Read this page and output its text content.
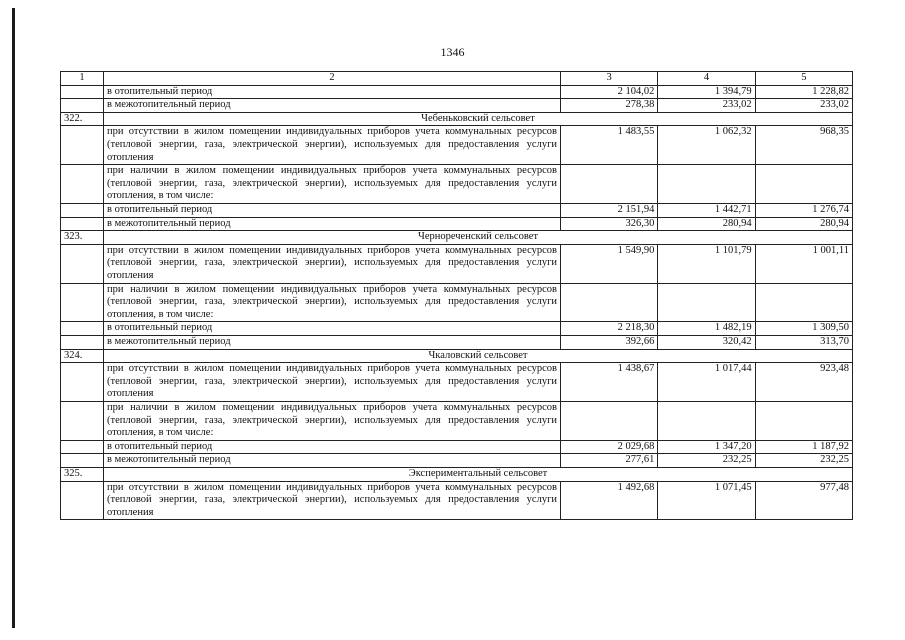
1346
1	2	3	4	5
	в отопительный период	2 104,02	1 394,79	1 228,82
	в межотопительный период	278,38	233,02	233,02
322.	Чебеньковский сельсовет			
	при отсутствии в жилом помещении индивидуальных приборов учета коммунальных ресурсов (тепловой энергии, газа, электрической энергии), используемых для предоставления услуги отопления	1 483,55	1 062,32	968,35
	при наличии в жилом помещении индивидуальных приборов учета коммунальных ресурсов (тепловой энергии, газа, электрической энергии), используемых для предоставления услуги отопления, в том числе:			
	в отопительный период	2 151,94	1 442,71	1 276,74
	в межотопительный период	326,30	280,94	280,94
323.	Чернореченский сельсовет			
	при отсутствии в жилом помещении индивидуальных приборов учета коммунальных ресурсов (тепловой энергии, газа, электрической энергии), используемых для предоставления услуги отопления	1 549,90	1 101,79	1 001,11
	при наличии в жилом помещении индивидуальных приборов учета коммунальных ресурсов (тепловой энергии, газа, электрической энергии), используемых для предоставления услуги отопления, в том числе:			
	в отопительный период	2 218,30	1 482,19	1 309,50
	в межотопительный период	392,66	320,42	313,70
324.	Чкаловский сельсовет			
	при отсутствии в жилом помещении индивидуальных приборов учета коммунальных ресурсов (тепловой энергии, газа, электрической энергии), используемых для предоставления услуги отопления	1 438,67	1 017,44	923,48
	при наличии в жилом помещении индивидуальных приборов учета коммунальных ресурсов (тепловой энергии, газа, электрической энергии), используемых для предоставления услуги отопления, в том числе:			
	в отопительный период	2 029,68	1 347,20	1 187,92
	в межотопительный период	277,61	232,25	232,25
325.	Экспериментальный сельсовет			
	при отсутствии в жилом помещении индивидуальных приборов учета коммунальных ресурсов (тепловой энергии, газа, электрической энергии), используемых для предоставления услуги отопления	1 492,68	1 071,45	977,48
